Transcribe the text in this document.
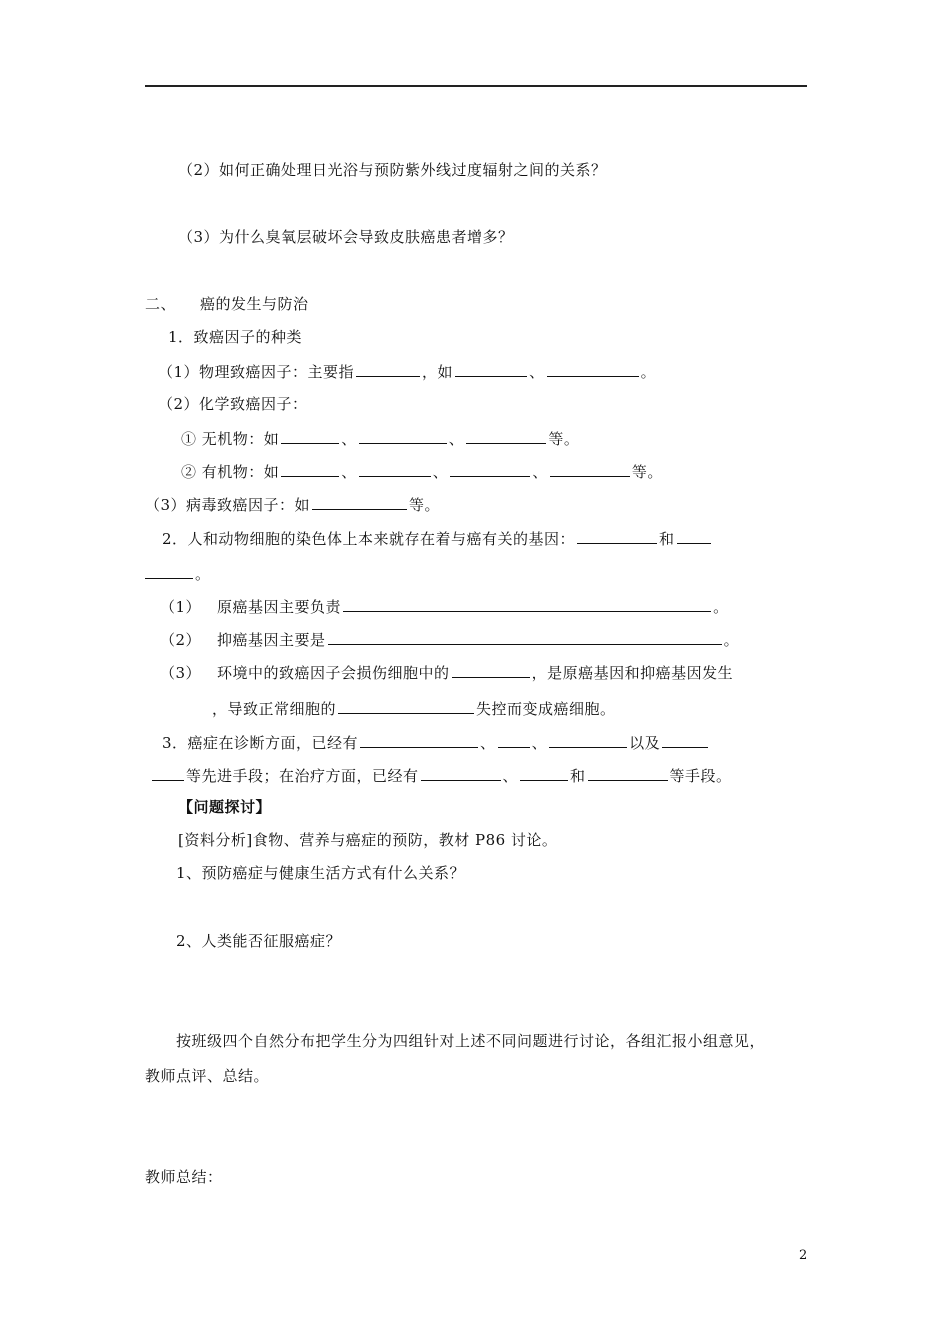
（2）如何正确处理日光浴与预防紫外线过度辐射之间的关系？
（3）为什么臭氧层破坏会导致皮肤癌患者增多？
二、 癌的发生与防治
1．致癌因子的种类
（1）物理致癌因子：主要指	，如	、	。
（2）化学致癌因子：
① 无机物：如	、	、	等。
② 有机物：如	、	、	、	等。
（3）病毒致癌因子：如	等。
2．人和动物细胞的染色体上本来就存在着与癌有关的基因：	和
。
（1） 原癌基因主要负责	。
（2） 抑癌基因主要是	。
（3） 环境中的致癌因子会损伤细胞中的	，是原癌基因和抑癌基因发生
，导致正常细胞的	失控而变成癌细胞。
3．癌症在诊断方面，已经有	、 、	以及
等先进手段；在治疗方面，已经有	、	和	等手段。
【问题探讨】
[资料分析]食物、营养与癌症的预防，教材 P86 讨论。
1、预防癌症与健康生活方式有什么关系？
2、人类能否征服癌症？
按班级四个自然分布把学生分为四组针对上述不同问题进行讨论，各组汇报小组意见，
教师点评、总结。
教师总结：
2
